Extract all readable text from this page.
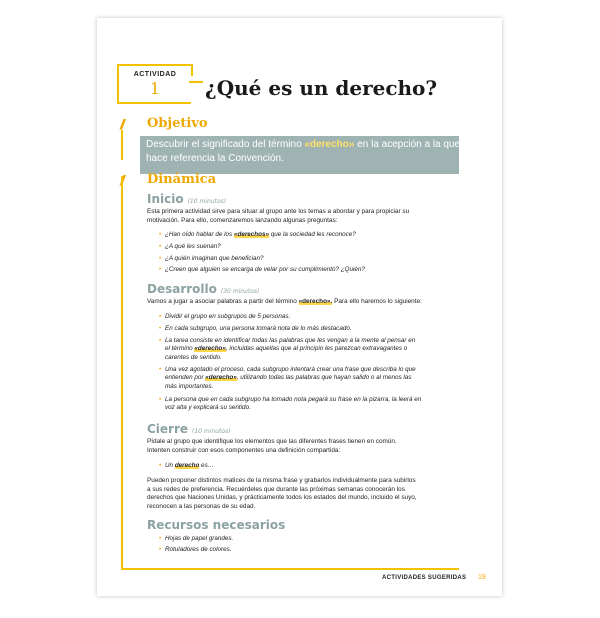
ACTIVIDAD
1	¿Qué es un derecho?
// Objetivo
Descubrir el significado del término «derecho» en la acepción a la que hace referencia la Convención.
Dinámica
Inicio (10 minutos)
Esta primera actividad sirve para situar al grupo ante los temas a abordar y para propiciar su
motivación. Para ello, comenzaremos lanzando algunas preguntas:
• ¿Han oído hablar de los «derechos» que la sociedad les reconoce?
• ¿A qué les suenan?
• ¿A quién imaginan que benefician?
• ¿Creen que alguien se encarga de velar por su cumplimiento? ¿Quién?
Desarrollo (30 minutos)
Vamos a jugar a asociar palabras a partir del término «derecho». Para ello haremos lo siguiente:
• Dividir el grupo en subgrupos de 5 personas.
• En cada subgrupo, una persona tomará nota de lo más destacado.
• La tarea consiste en identificar todas las palabras que les vengan a la mente al pensar en
el término «derecho», incluidas aquellas que al principio les parezcan extravagantes o
carentes de sentido.
• Una vez agotado el proceso, cada subgrupo intentará crear una frase que describa lo que
entienden por «derecho», utilizando todas las palabras que hayan salido o al menos las
más importantes.
• La persona que en cada subgrupo ha tomado nota pegará su frase en la pizarra, la leerá en
voz alta y explicará su sentido.
Cierre (10 minutos)
Pídale al grupo que identifique los elementos que las diferentes frases tienen en común.
Intenten construir con esos componentes una definición compartida:
• Un derecho es…
Pueden proponer distintos matices de la misma frase y grabarlos individualmente para subirlos
a sus redes de preferencia. Recuérdeles que durante las próximas semanas conocerán los
derechos que Naciones Unidas, y prácticamente todos los estados del mundo, incluido el suyo,
reconocen a las personas de su edad.
Recursos necesarios
• Hojas de papel grandes.
• Rotuladores de colores.
ACTIVIDADES SUGERIDAS 19
